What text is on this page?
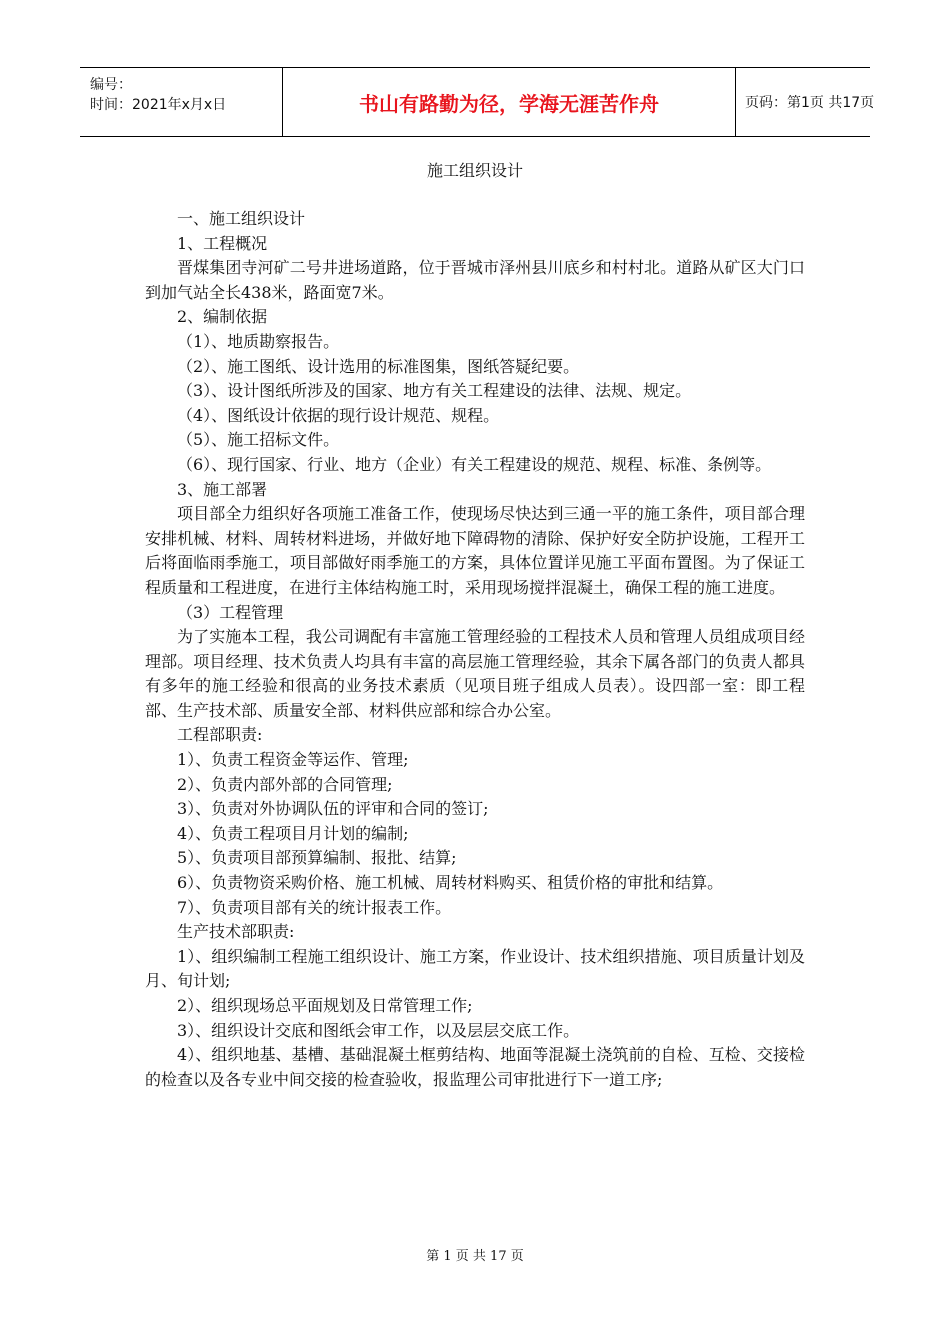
编号：
时间：2021年x月x日	书山有路勤为径，学海无涯苦作舟	页码：第1页 共17页
施工组织设计

一、施工组织设计

1、工程概况

晋煤集团寺河矿二号井进场道路，位于晋城市泽州县川底乡和村村北。道路从矿区大门口到加气站全长438米，路面宽7米。

2、编制依据

（1）、地质勘察报告。

（2）、施工图纸、设计选用的标准图集，图纸答疑纪要。

（3）、设计图纸所涉及的国家、地方有关工程建设的法律、法规、规定。

（4）、图纸设计依据的现行设计规范、规程。

（5）、施工招标文件。

（6）、现行国家、行业、地方（企业）有关工程建设的规范、规程、标准、条例等。

3、施工部署

项目部全力组织好各项施工准备工作，使现场尽快达到三通一平的施工条件，项目部合理安排机械、材料、周转材料进场，并做好地下障碍物的清除、保护好安全防护设施，工程开工后将面临雨季施工，项目部做好雨季施工的方案，具体位置详见施工平面布置图。为了保证工程质量和工程进度，在进行主体结构施工时，采用现场搅拌混凝土，确保工程的施工进度。

（3）工程管理

为了实施本工程，我公司调配有丰富施工管理经验的工程技术人员和管理人员组成项目经理部。项目经理、技术负责人均具有丰富的高层施工管理经验，其余下属各部门的负责人都具有多年的施工经验和很高的业务技术素质（见项目班子组成人员表）。设四部一室：即工程部、生产技术部、质量安全部、材料供应部和综合办公室。

工程部职责:

1）、负责工程资金等运作、管理;

2）、负责内部外部的合同管理;

3）、负责对外协调队伍的评审和合同的签订;

4）、负责工程项目月计划的编制;

5）、负责项目部预算编制、报批、结算;

6）、负责物资采购价格、施工机械、周转材料购买、租赁价格的审批和结算。

7）、负责项目部有关的统计报表工作。

生产技术部职责:

1）、组织编制工程施工组织设计、施工方案，作业设计、技术组织措施、项目质量计划及月、旬计划;

2）、组织现场总平面规划及日常管理工作;

3）、组织设计交底和图纸会审工作，以及层层交底工作。

4）、组织地基、基槽、基础混凝土框剪结构、地面等混凝土浇筑前的自检、互检、交接检的检查以及各专业中间交接的检查验收，报监理公司审批进行下一道工序;

第 1 页 共 17 页
